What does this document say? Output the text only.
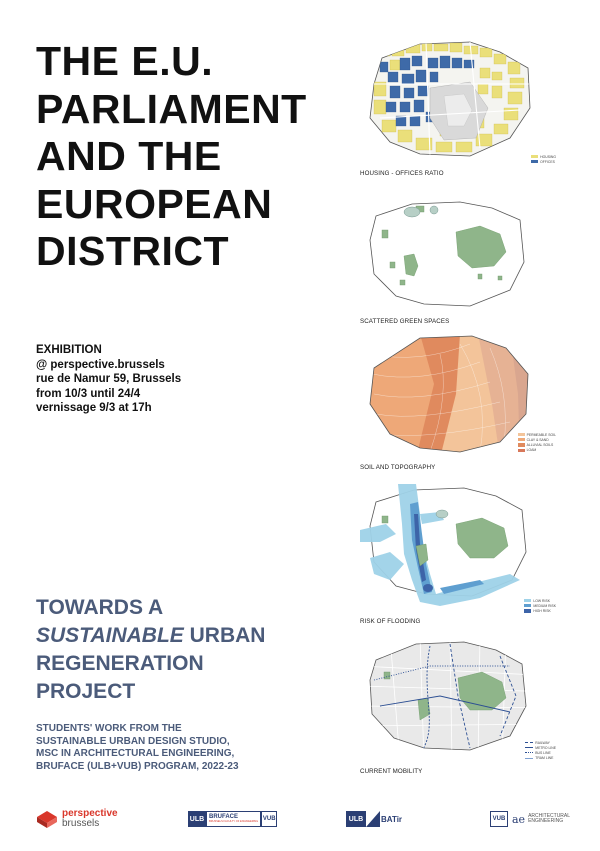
THE E.U.
PARLIAMENT
AND THE
EUROPEAN
DISTRICT
EXHIBITION
@ perspective.brussels
rue de Namur 59, Brussels
from 10/3 until 24/4
vernissage 9/3 at 17h
TOWARDS A
SUSTAINABLE URBAN
REGENERATION
PROJECT
STUDENTS' WORK FROM THE
SUSTAINABLE URBAN DESIGN STUDIO,
MSC IN ARCHITECTURAL ENGINEERING,
BRUFACE (ULB+VUB) PROGRAM, 2022-23
HOUSING - OFFICES RATIO
HOUSING
OFFICES
SCATTERED GREEN SPACES
SOIL AND TOPOGRAPHY
PERMEABLE SOIL
CLAY & SAND
ALLUVIAL SOILS
LOAM
RISK OF FLOODING
LOW RISK
MEDIUM RISK
HIGH RISK
CURRENT MOBILITY
RAILWAY
METRO LINE
BUS LINE
TRAM LINE
perspective
brussels	ULB BRUFACE
BRUSSELS FACULTY OF ENGINEERING VUB	ULB	BATir	VUB ae ARCHITECTURAL
ENGINEERING
